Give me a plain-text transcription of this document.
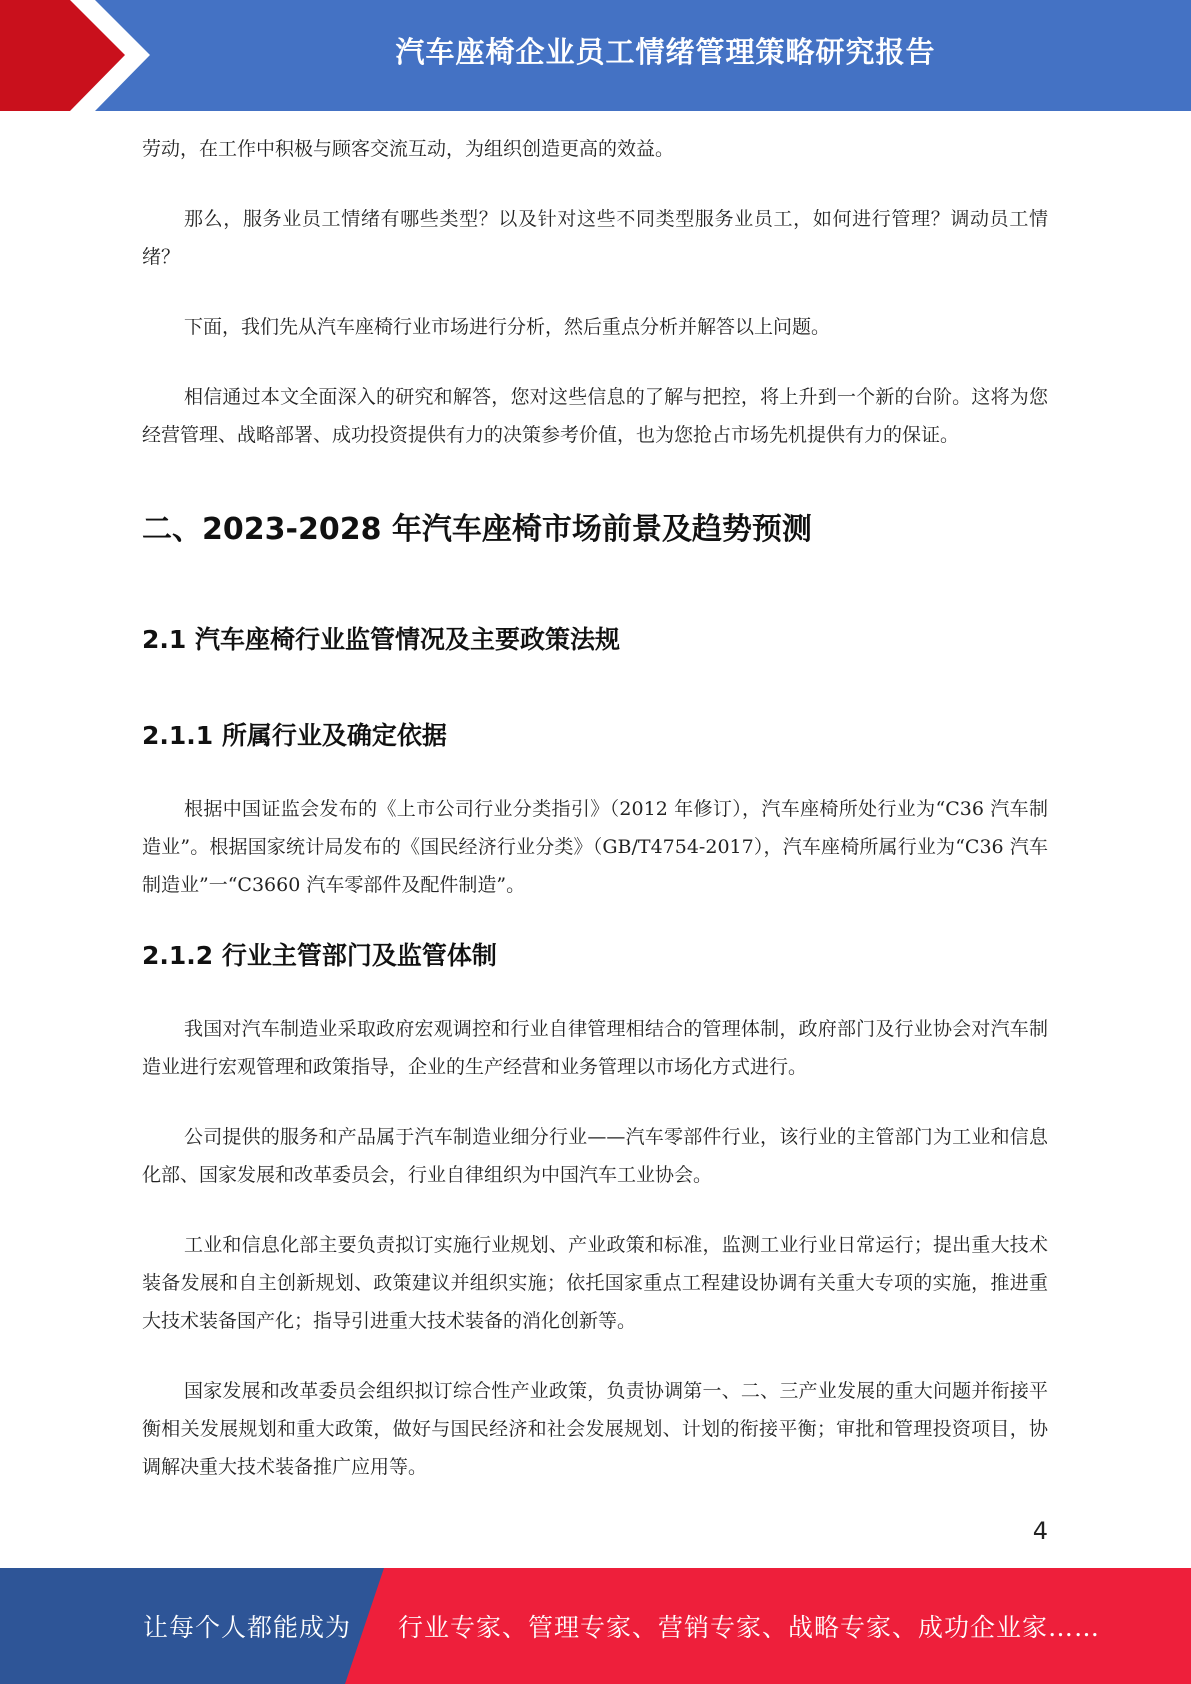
汽车座椅企业员工情绪管理策略研究报告

劳动，在工作中积极与顾客交流互动，为组织创造更高的效益。

那么，服务业员工情绪有哪些类型？以及针对这些不同类型服务业员工，如何进行管理？调动员工情绪？

下面，我们先从汽车座椅行业市场进行分析，然后重点分析并解答以上问题。

相信通过本文全面深入的研究和解答，您对这些信息的了解与把控，将上升到一个新的台阶。这将为您经营管理、战略部署、成功投资提供有力的决策参考价值，也为您抢占市场先机提供有力的保证。

二、2023-2028 年汽车座椅市场前景及趋势预测
2.1 汽车座椅行业监管情况及主要政策法规
2.1.1 所属行业及确定依据

根据中国证监会发布的《上市公司行业分类指引》（2012 年修订），汽车座椅所处行业为“C36 汽车制造业”。根据国家统计局发布的《国民经济行业分类》（GB/T4754-2017），汽车座椅所属行业为“C36 汽车制造业”一“C3660 汽车零部件及配件制造”。

2.1.2 行业主管部门及监管体制

我国对汽车制造业采取政府宏观调控和行业自律管理相结合的管理体制，政府部门及行业协会对汽车制造业进行宏观管理和政策指导，企业的生产经营和业务管理以市场化方式进行。

公司提供的服务和产品属于汽车制造业细分行业——汽车零部件行业，该行业的主管部门为工业和信息化部、国家发展和改革委员会，行业自律组织为中国汽车工业协会。

工业和信息化部主要负责拟订实施行业规划、产业政策和标准，监测工业行业日常运行；提出重大技术装备发展和自主创新规划、政策建议并组织实施；依托国家重点工程建设协调有关重大专项的实施，推进重大技术装备国产化；指导引进重大技术装备的消化创新等。

国家发展和改革委员会组织拟订综合性产业政策，负责协调第一、二、三产业发展的重大问题并衔接平衡相关发展规划和重大政策，做好与国民经济和社会发展规划、计划的衔接平衡；审批和管理投资项目，协调解决重大技术装备推广应用等。

4
让每个人都能成为 行业专家、管理专家、营销专家、战略专家、成功企业家……
